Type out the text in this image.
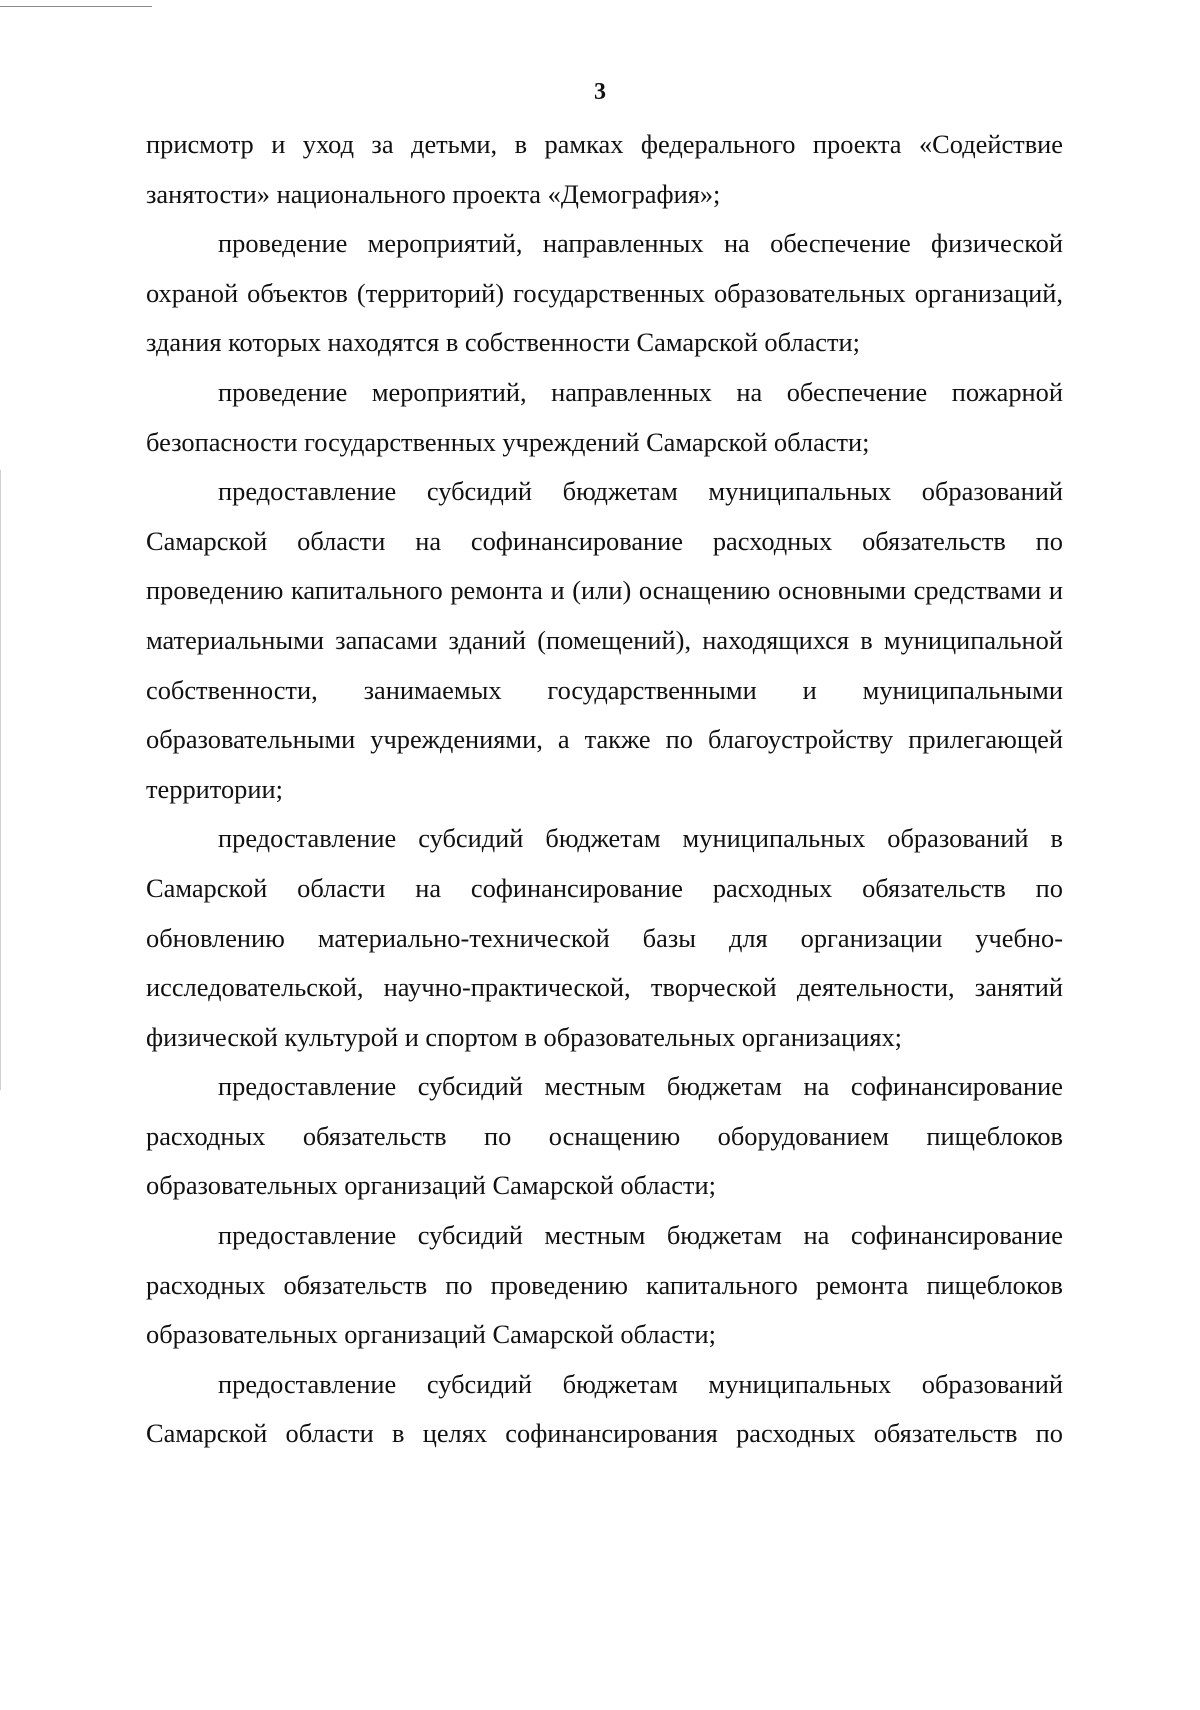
3

присмотр и уход за детьми, в рамках федерального проекта «Содействие занятости» национального проекта «Демография»;

проведение мероприятий, направленных на обеспечение физической охраной объектов (территорий) государственных образовательных организаций, здания которых находятся в собственности Самарской области;

проведение мероприятий, направленных на обеспечение пожарной безопасности государственных учреждений Самарской области;

предоставление субсидий бюджетам муниципальных образований Самарской области на софинансирование расходных обязательств по проведению капитального ремонта и (или) оснащению основными средствами и материальными запасами зданий (помещений), находящихся в муниципальной собственности, занимаемых государственными и муниципальными образовательными учреждениями, а также по благоустройству прилегающей территории;

предоставление субсидий бюджетам муниципальных образований в Самарской области на софинансирование расходных обязательств по обновлению материально-технической базы для организации учебно-исследовательской, научно-практической, творческой деятельности, занятий физической культурой и спортом в образовательных организациях;

предоставление субсидий местным бюджетам на софинансирование расходных обязательств по оснащению оборудованием пищеблоков образовательных организаций Самарской области;

предоставление субсидий местным бюджетам на софинансирование расходных обязательств по проведению капитального ремонта пищеблоков образовательных организаций Самарской области;

предоставление субсидий бюджетам муниципальных образований Самарской области в целях софинансирования расходных обязательств по
